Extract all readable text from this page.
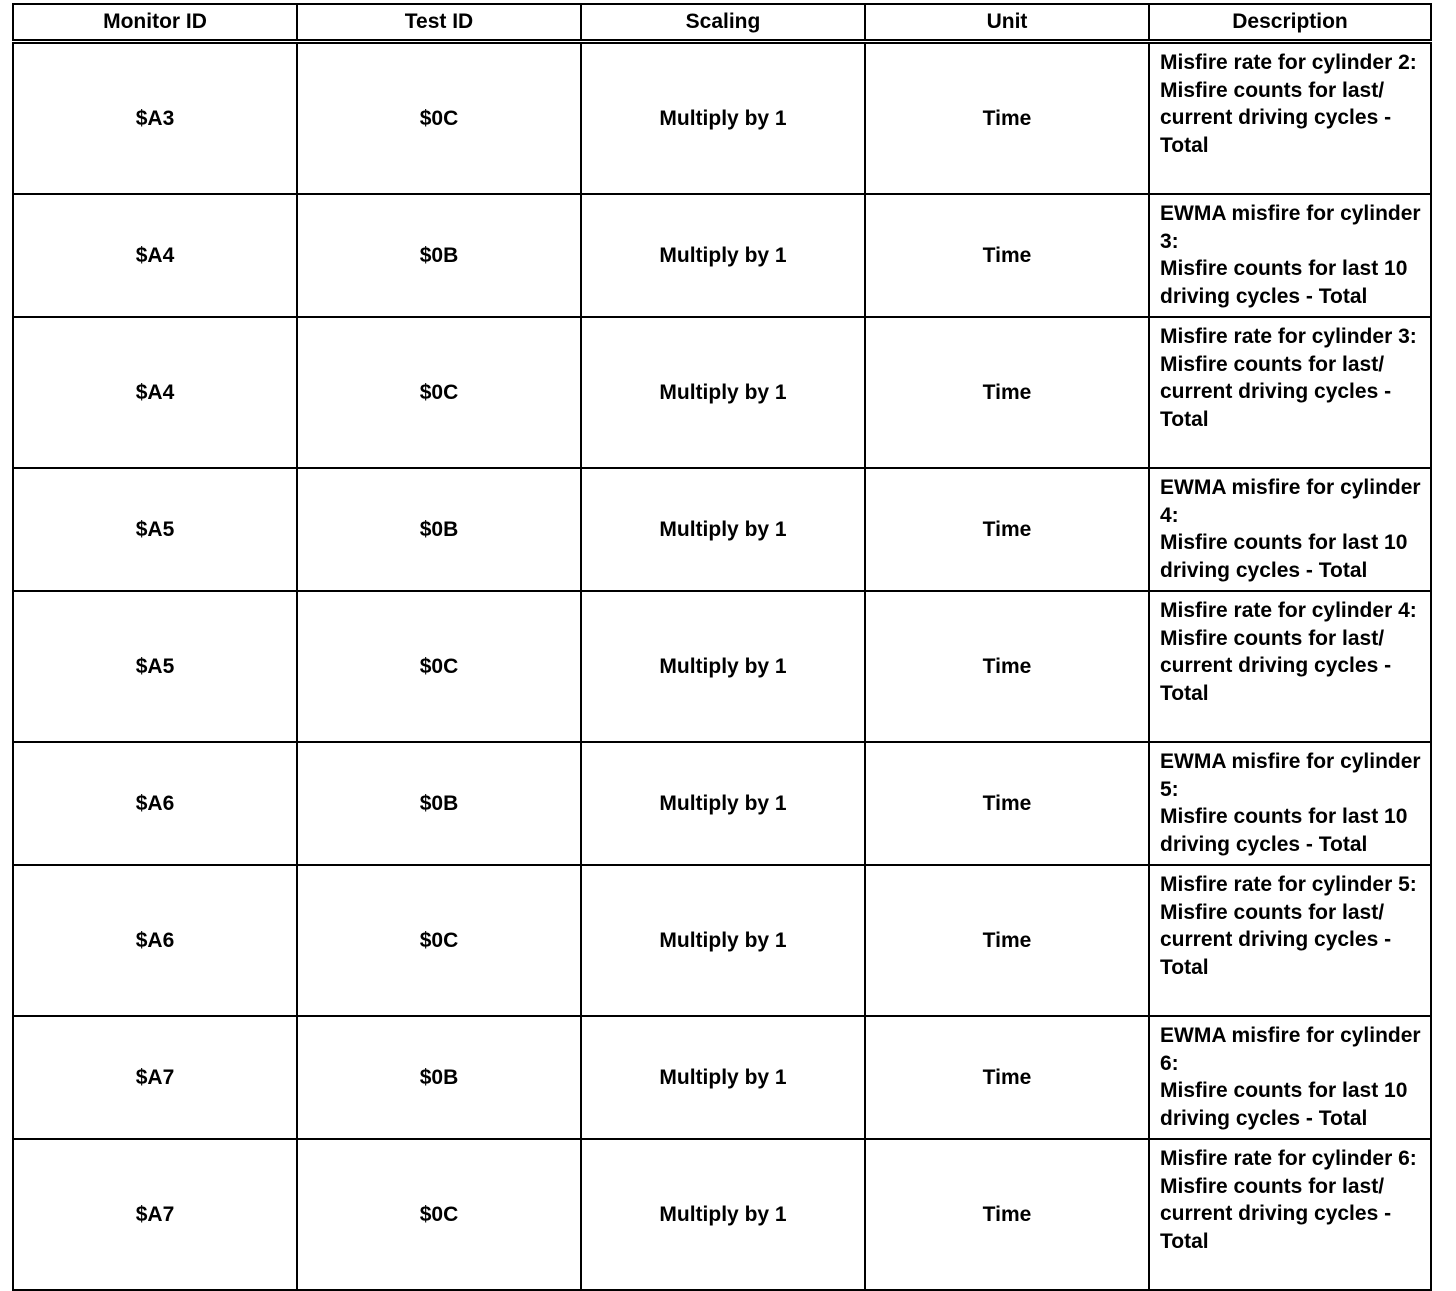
Monitor ID	Test ID	Scaling	Unit	Description
$A3	$0C	Multiply by 1	Time	Misfire rate for cylinder 2:
Misfire counts for last/ current driving cycles - Total

$A4	$0B	Multiply by 1	Time	EWMA misfire for cylinder 3:
Misfire counts for last 10 driving cycles - Total

$A4	$0C	Multiply by 1	Time	Misfire rate for cylinder 3:
Misfire counts for last/ current driving cycles - Total

$A5	$0B	Multiply by 1	Time	EWMA misfire for cylinder 4:
Misfire counts for last 10 driving cycles - Total

$A5	$0C	Multiply by 1	Time	Misfire rate for cylinder 4:
Misfire counts for last/ current driving cycles - Total

$A6	$0B	Multiply by 1	Time	EWMA misfire for cylinder 5:
Misfire counts for last 10 driving cycles - Total

$A6	$0C	Multiply by 1	Time	Misfire rate for cylinder 5:
Misfire counts for last/ current driving cycles - Total

$A7	$0B	Multiply by 1	Time	EWMA misfire for cylinder 6:
Misfire counts for last 10 driving cycles - Total

$A7	$0C	Multiply by 1	Time	Misfire rate for cylinder 6:
Misfire counts for last/ current driving cycles - Total
